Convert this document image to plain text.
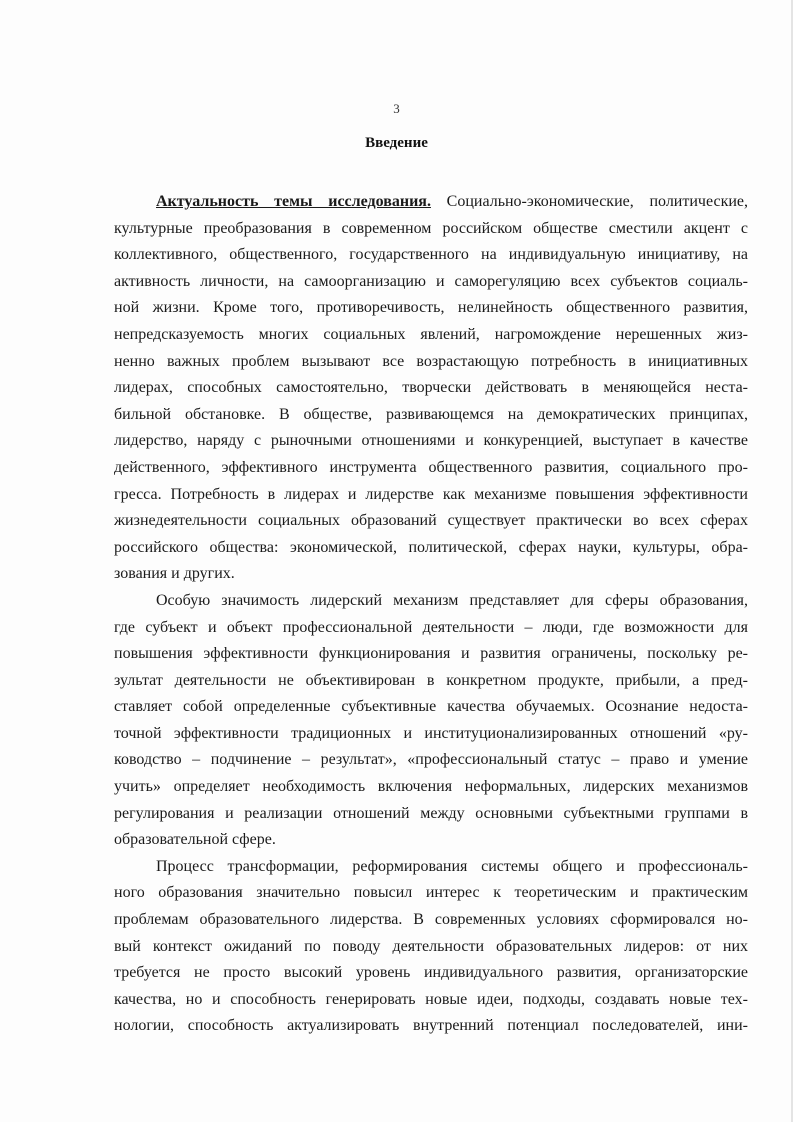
3
Введение
Актуальность темы исследования. Социально-экономические, политические,
культурные преобразования в современном российском обществе сместили акцент с
коллективного, общественного, государственного на индивидуальную инициативу, на
активность личности, на самоорганизацию и саморегуляцию всех субъектов социаль-
ной жизни. Кроме того, противоречивость, нелинейность общественного развития,
непредсказуемость многих социальных явлений, нагромождение нерешенных жиз-
ненно важных проблем вызывают все возрастающую потребность в инициативных
лидерах, способных самостоятельно, творчески действовать в меняющейся неста-
бильной обстановке. В обществе, развивающемся на демократических принципах,
лидерство, наряду с рыночными отношениями и конкуренцией, выступает в качестве
действенного, эффективного инструмента общественного развития, социального про-
гресса. Потребность в лидерах и лидерстве как механизме повышения эффективности
жизнедеятельности социальных образований существует практически во всех сферах
российского общества: экономической, политической, сферах науки, культуры, обра-
зования и других.
Особую значимость лидерский механизм представляет для сферы образования,
где субъект и объект профессиональной деятельности – люди, где возможности для
повышения эффективности функционирования и развития ограничены, поскольку ре-
зультат деятельности не объективирован в конкретном продукте, прибыли, а пред-
ставляет собой определенные субъективные качества обучаемых. Осознание недоста-
точной эффективности традиционных и институционализированных отношений «ру-
ководство – подчинение – результат», «профессиональный статус – право и умение
учить» определяет необходимость включения неформальных, лидерских механизмов
регулирования и реализации отношений между основными субъектными группами в
образовательной сфере.
Процесс трансформации, реформирования системы общего и профессиональ-
ного образования значительно повысил интерес к теоретическим и практическим
проблемам образовательного лидерства. В современных условиях сформировался но-
вый контекст ожиданий по поводу деятельности образовательных лидеров: от них
требуется не просто высокий уровень индивидуального развития, организаторские
качества, но и способность генерировать новые идеи, подходы, создавать новые тех-
нологии, способность актуализировать внутренний потенциал последователей, ини-
